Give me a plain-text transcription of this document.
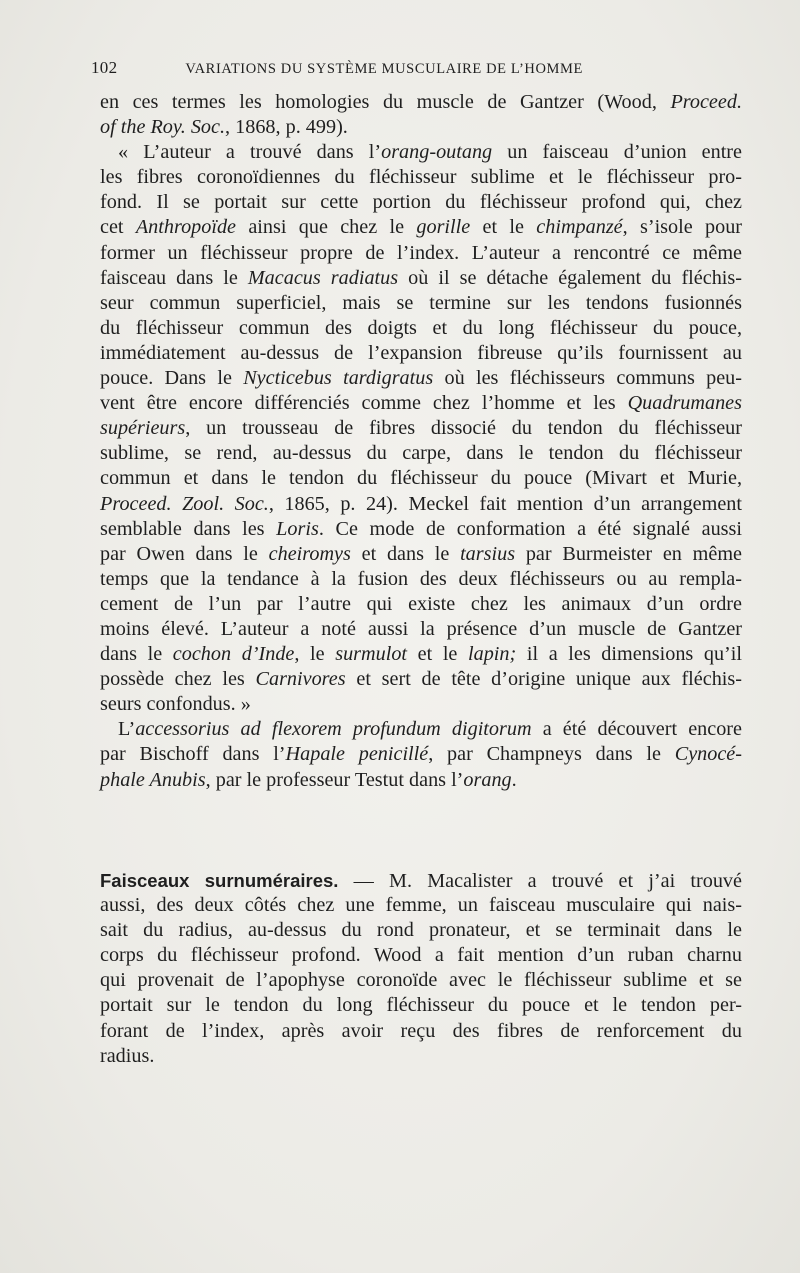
102	VARIATIONS DU SYSTÈME MUSCULAIRE DE L’HOMME
en ces termes les homologies du muscle de Gantzer (Wood, Proceed.
of the Roy. Soc., 1868, p. 499).
« L’auteur a trouvé dans l’orang-outang un faisceau d’union entre
les fibres coronoïdiennes du fléchisseur sublime et le fléchisseur pro-
fond. Il se portait sur cette portion du fléchisseur profond qui, chez
cet Anthropoïde ainsi que chez le gorille et le chimpanzé, s’isole pour
former un fléchisseur propre de l’index. L’auteur a rencontré ce même
faisceau dans le Macacus radiatus où il se détache également du fléchis-
seur commun superficiel, mais se termine sur les tendons fusionnés
du fléchisseur commun des doigts et du long fléchisseur du pouce,
immédiatement au-dessus de l’expansion fibreuse qu’ils fournissent au
pouce. Dans le Nycticebus tardigratus où les fléchisseurs communs peu-
vent être encore différenciés comme chez l’homme et les Quadrumanes
supérieurs, un trousseau de fibres dissocié du tendon du fléchisseur
sublime, se rend, au-dessus du carpe, dans le tendon du fléchisseur
commun et dans le tendon du fléchisseur du pouce (Mivart et Murie,
Proceed. Zool. Soc., 1865, p. 24). Meckel fait mention d’un arrangement
semblable dans les Loris. Ce mode de conformation a été signalé aussi
par Owen dans le cheiromys et dans le tarsius par Burmeister en même
temps que la tendance à la fusion des deux fléchisseurs ou au rempla-
cement de l’un par l’autre qui existe chez les animaux d’un ordre
moins élevé. L’auteur a noté aussi la présence d’un muscle de Gantzer
dans le cochon d’Inde, le surmulot et le lapin; il a les dimensions qu’il
possède chez les Carnivores et sert de tête d’origine unique aux fléchis-
seurs confondus. »
L’accessorius ad flexorem profundum digitorum a été découvert encore
par Bischoff dans l’Hapale penicillé, par Champneys dans le Cynocé-
phale Anubis, par le professeur Testut dans l’orang.
Faisceaux surnuméraires. — M. Macalister a trouvé et j’ai trouvé
aussi, des deux côtés chez une femme, un faisceau musculaire qui nais-
sait du radius, au-dessus du rond pronateur, et se terminait dans le
corps du fléchisseur profond. Wood a fait mention d’un ruban charnu
qui provenait de l’apophyse coronoïde avec le fléchisseur sublime et se
portait sur le tendon du long fléchisseur du pouce et le tendon per-
forant de l’index, après avoir reçu des fibres de renforcement du
radius.
